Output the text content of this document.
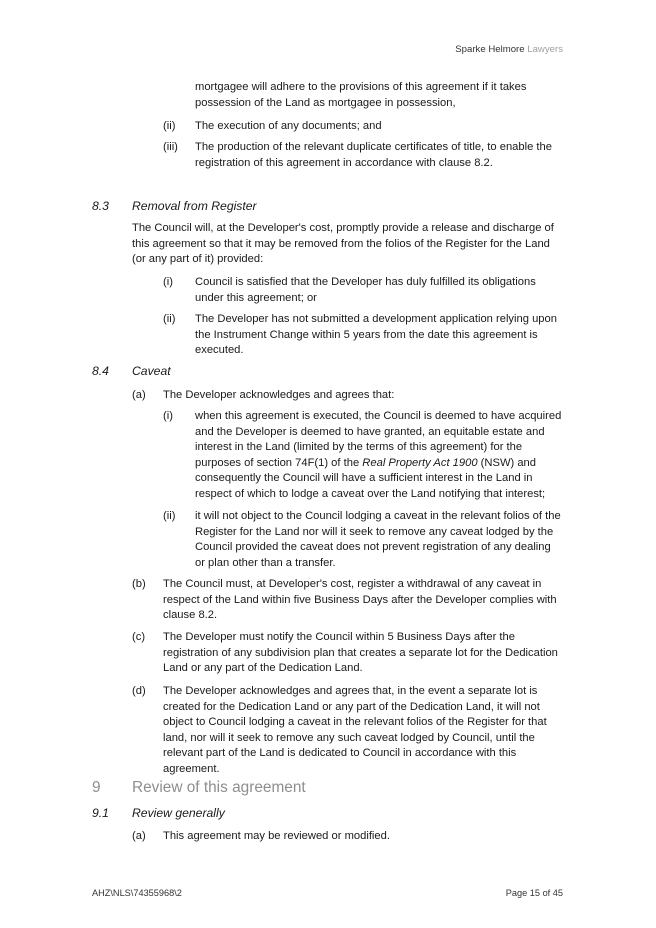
Sparke Helmore Lawyers

mortgagee will adhere to the provisions of this agreement if it takes possession of the Land as mortgagee in possession,

(ii) The execution of any documents; and

(iii) The production of the relevant duplicate certificates of title, to enable the registration of this agreement in accordance with clause 8.2.

8.3 Removal from Register

The Council will, at the Developer's cost, promptly provide a release and discharge of this agreement so that it may be removed from the folios of the Register for the Land (or any part of it) provided:

(i) Council is satisfied that the Developer has duly fulfilled its obligations under this agreement; or

(ii) The Developer has not submitted a development application relying upon the Instrument Change within 5 years from the date this agreement is executed.

8.4 Caveat
(a) The Developer acknowledges and agrees that:

(i) when this agreement is executed, the Council is deemed to have acquired and the Developer is deemed to have granted, an equitable estate and interest in the Land (limited by the terms of this agreement) for the purposes of section 74F(1) of the Real Property Act 1900 (NSW) and consequently the Council will have a sufficient interest in the Land in respect of which to lodge a caveat over the Land notifying that interest;

(ii) it will not object to the Council lodging a caveat in the relevant folios of the Register for the Land nor will it seek to remove any caveat lodged by the Council provided the caveat does not prevent registration of any dealing or plan other than a transfer.

(b) The Council must, at Developer's cost, register a withdrawal of any caveat in respect of the Land within five Business Days after the Developer complies with clause 8.2.

(c) The Developer must notify the Council within 5 Business Days after the registration of any subdivision plan that creates a separate lot for the Dedication Land or any part of the Dedication Land.

(d) The Developer acknowledges and agrees that, in the event a separate lot is created for the Dedication Land or any part of the Dedication Land, it will not object to Council lodging a caveat in the relevant folios of the Register for that land, nor will it seek to remove any such caveat lodged by Council, until the relevant part of the Land is dedicated to Council in accordance with this agreement.

9 Review of this agreement
9.1 Review generally
(a) This agreement may be reviewed or modified.

AHZ\NLS\74355968\2	Page 15 of 45
